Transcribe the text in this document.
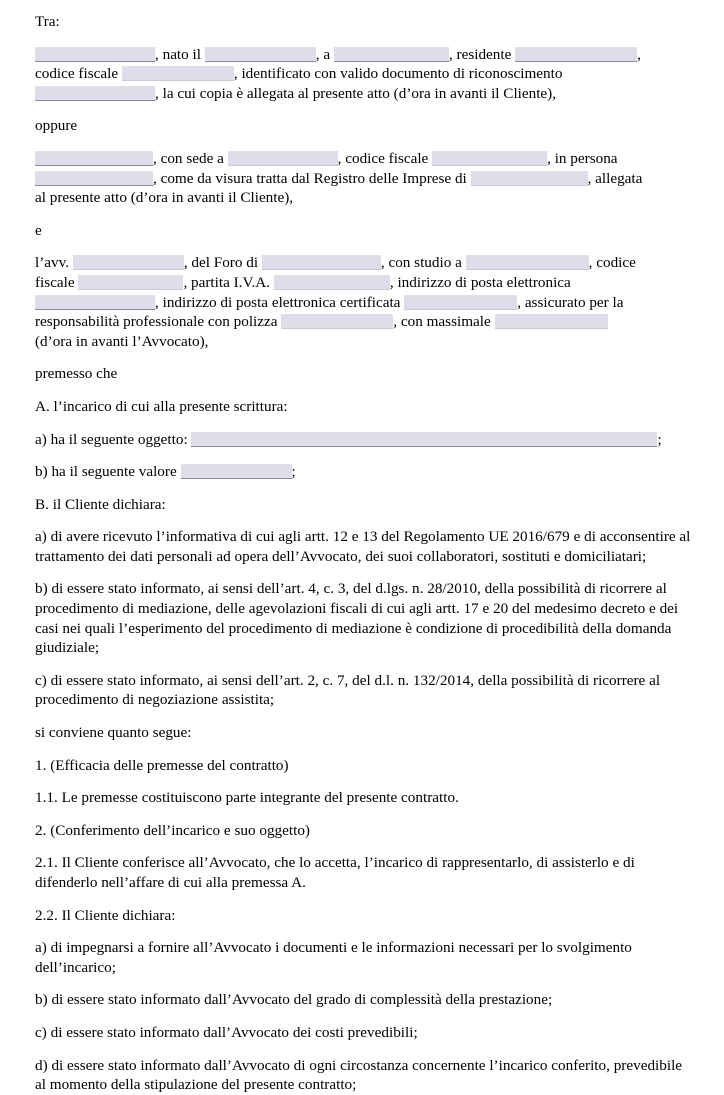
Tra:

, nato il	, a	, residente	,
codice fiscale	, identificato con valido documento di riconoscimento
, la cui copia è allegata al presente atto (d’ora in avanti il Cliente),

oppure

, con sede a	, codice fiscale	, in persona
, come da visura tratta dal Registro delle Imprese di	, allegata
al presente atto (d’ora in avanti il Cliente),

e

l’avv.	, del Foro di	, con studio a	, codice
fiscale	, partita I.V.A.	, indirizzo di posta elettronica
, indirizzo di posta elettronica certificata	, assicurato per la
responsabilità professionale con polizza	, con massimale
(d’ora in avanti l’Avvocato),

premesso che

A. l’incarico di cui alla presente scrittura:

a) ha il seguente oggetto:	;

b) ha il seguente valore	;

B. il Cliente dichiara:

a) di avere ricevuto l’informativa di cui agli artt. 12 e 13 del Regolamento UE 2016/679 e di acconsentire al trattamento dei dati personali ad opera dell’Avvocato, dei suoi collaboratori, sostituti e domiciliatari;

b) di essere stato informato, ai sensi dell’art. 4, c. 3, del d.lgs. n. 28/2010, della possibilità di ricorrere al procedimento di mediazione, delle agevolazioni fiscali di cui agli artt. 17 e 20 del medesimo decreto e dei casi nei quali l’esperimento del procedimento di mediazione è condizione di procedibilità della domanda giudiziale;

c) di essere stato informato, ai sensi dell’art. 2, c. 7, del d.l. n. 132/2014, della possibilità di ricorrere al procedimento di negoziazione assistita;

si conviene quanto segue:

1. (Efficacia delle premesse del contratto)

1.1. Le premesse costituiscono parte integrante del presente contratto.

2. (Conferimento dell’incarico e suo oggetto)

2.1. Il Cliente conferisce all’Avvocato, che lo accetta, l’incarico di rappresentarlo, di assisterlo e di difenderlo nell’affare di cui alla premessa A.

2.2. Il Cliente dichiara:

a) di impegnarsi a fornire all’Avvocato i documenti e le informazioni necessari per lo svolgimento dell’incarico;

b) di essere stato informato dall’Avvocato del grado di complessità della prestazione;

c) di essere stato informato dall’Avvocato dei costi prevedibili;

d) di essere stato informato dall’Avvocato di ogni circostanza concernente l’incarico conferito, prevedibile al momento della stipulazione del presente contratto;
